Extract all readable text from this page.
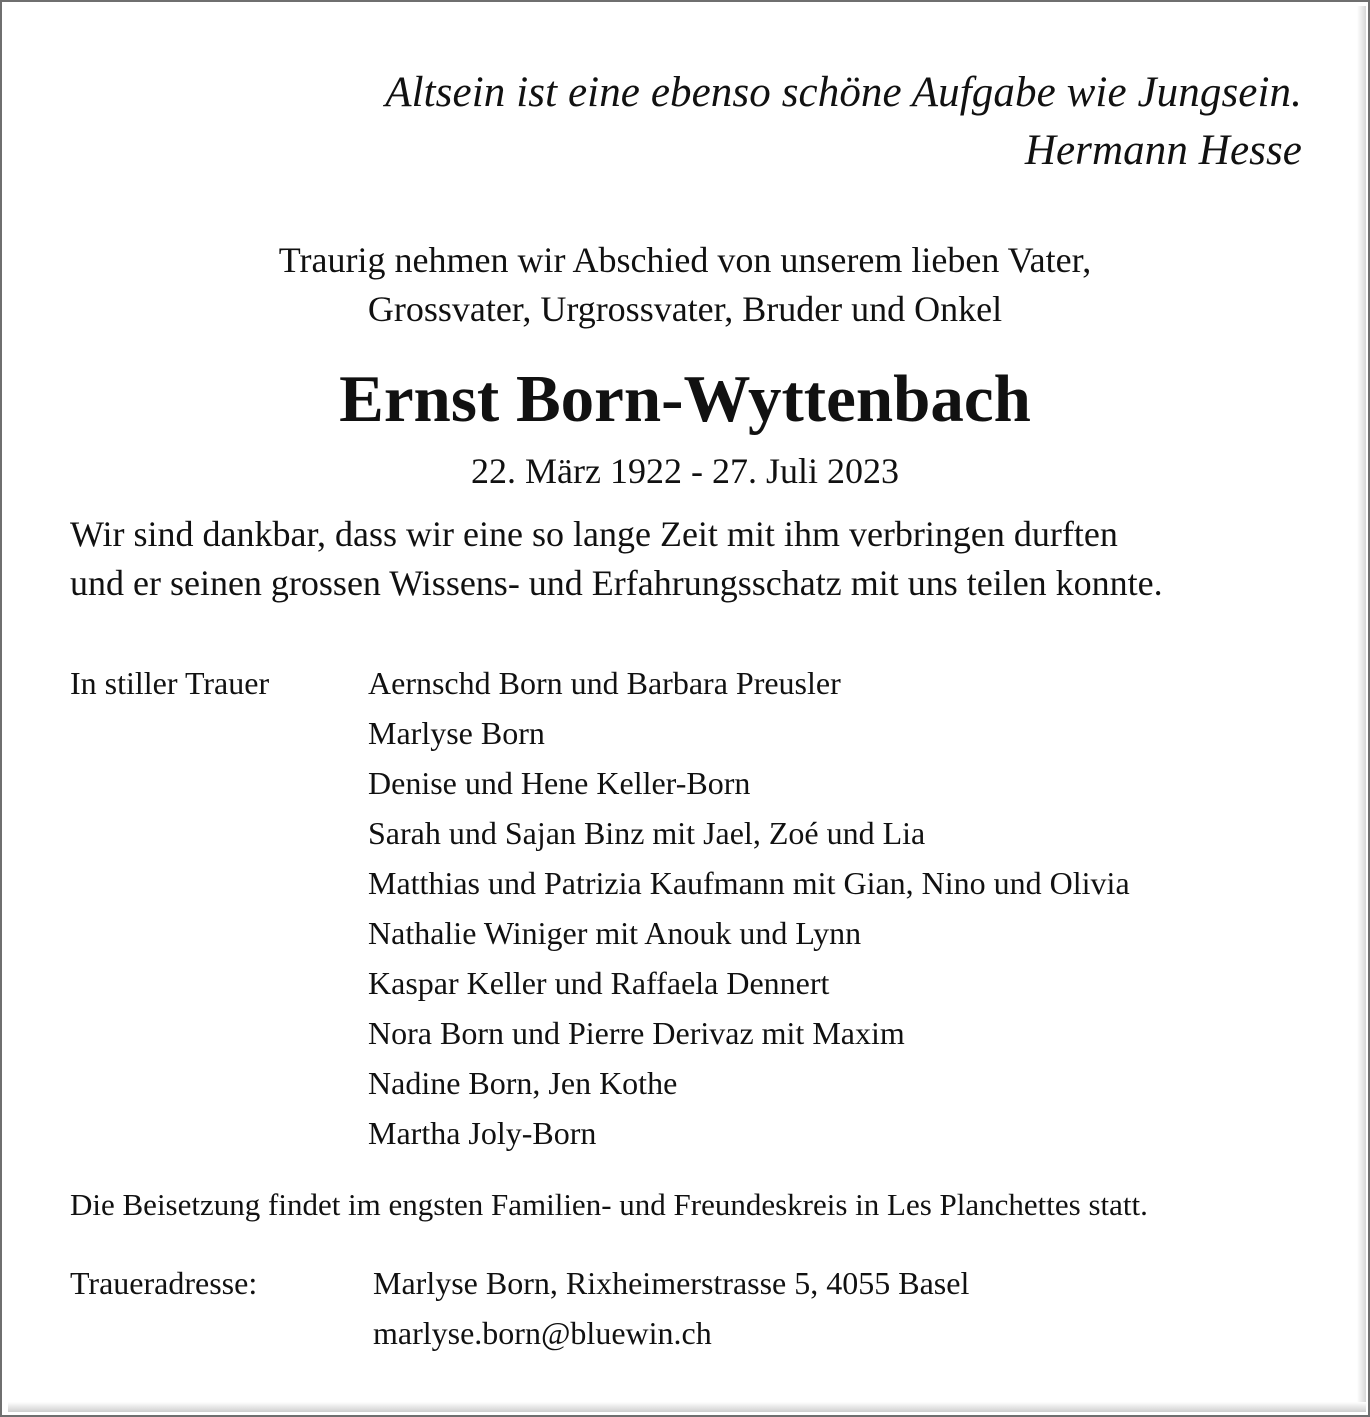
Altsein ist eine ebenso schöne Aufgabe wie Jungsein.
Hermann Hesse
Traurig nehmen wir Abschied von unserem lieben Vater,
Grossvater, Urgrossvater, Bruder und Onkel
Ernst Born-Wyttenbach
22. März 1922 - 27. Juli 2023
Wir sind dankbar, dass wir eine so lange Zeit mit ihm verbringen durften
und er seinen grossen Wissens- und Erfahrungsschatz mit uns teilen konnte.
In stiller Trauer	Aernschd Born und Barbara Preusler
Marlyse Born
Denise und Hene Keller-Born
Sarah und Sajan Binz mit Jael, Zoé und Lia
Matthias und Patrizia Kaufmann mit Gian, Nino und Olivia
Nathalie Winiger mit Anouk und Lynn
Kaspar Keller und Raffaela Dennert
Nora Born und Pierre Derivaz mit Maxim
Nadine Born, Jen Kothe
Martha Joly-Born
Die Beisetzung findet im engsten Familien- und Freundeskreis in Les Planchettes statt.
Traueradresse:	Marlyse Born, Rixheimerstrasse 5, 4055 Basel
marlyse.born@bluewin.ch
